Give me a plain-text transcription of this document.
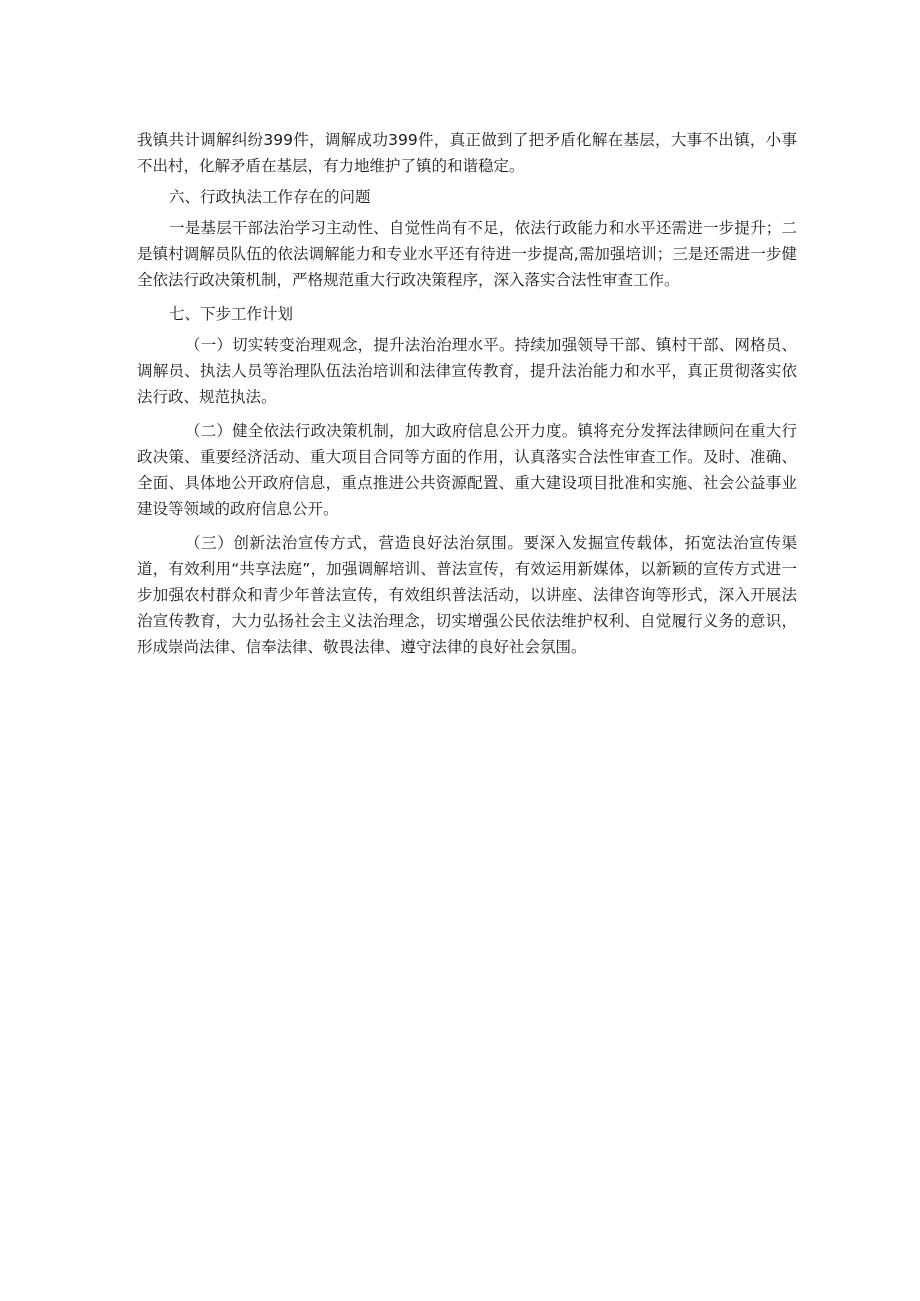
我镇共计调解纠纷399件，调解成功399件，真正做到了把矛盾化解在基层，大事不出镇，小事不出村，化解矛盾在基层，有力地维护了镇的和谐稳定。

六、行政执法工作存在的问题

一是基层干部法治学习主动性、自觉性尚有不足，依法行政能力和水平还需进一步提升；二是镇村调解员队伍的依法调解能力和专业水平还有待进一步提高,需加强培训；三是还需进一步健全依法行政决策机制，严格规范重大行政决策程序，深入落实合法性审查工作。

七、下步工作计划

（一）切实转变治理观念，提升法治治理水平。持续加强领导干部、镇村干部、网格员、调解员、执法人员等治理队伍法治培训和法律宣传教育，提升法治能力和水平，真正贯彻落实依法行政、规范执法。

（二）健全依法行政决策机制，加大政府信息公开力度。镇将充分发挥法律顾问在重大行政决策、重要经济活动、重大项目合同等方面的作用，认真落实合法性审查工作。及时、准确、全面、具体地公开政府信息，重点推进公共资源配置、重大建设项目批准和实施、社会公益事业建设等领域的政府信息公开。

（三）创新法治宣传方式，营造良好法治氛围。要深入发掘宣传载体，拓宽法治宣传渠道，有效利用“共享法庭”，加强调解培训、普法宣传，有效运用新媒体，以新颖的宣传方式进一步加强农村群众和青少年普法宣传，有效组织普法活动，以讲座、法律咨询等形式，深入开展法治宣传教育，大力弘扬社会主义法治理念，切实增强公民依法维护权利、自觉履行义务的意识，形成崇尚法律、信奉法律、敬畏法律、遵守法律的良好社会氛围。
